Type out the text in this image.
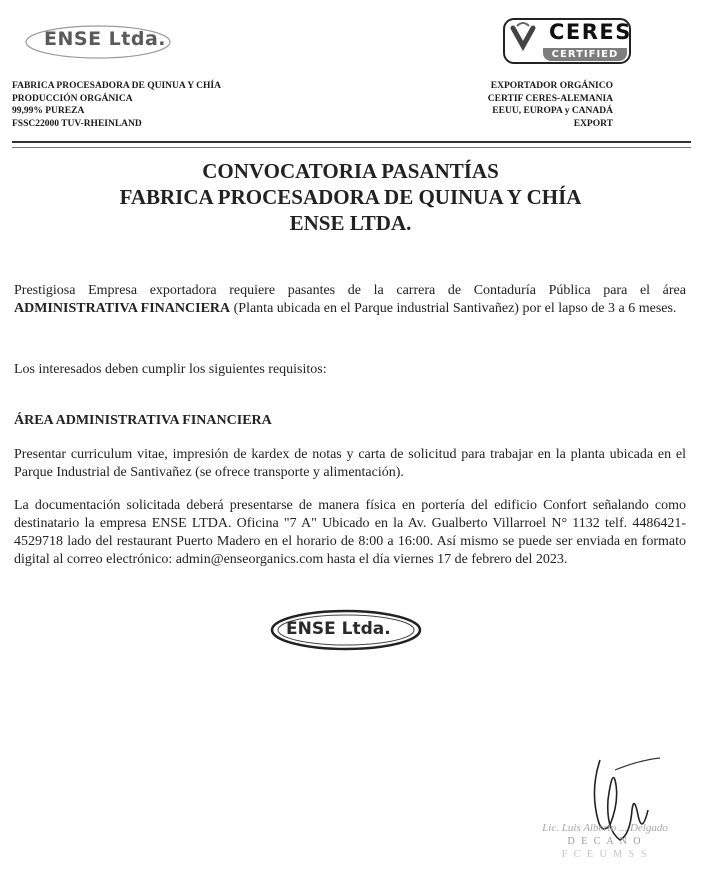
ENSE Ltda.	CERES
CERTIFIED
FABRICA PROCESADORA DE QUINUA Y CHÍA
PRODUCCIÓN ORGÁNICA
99,99% PUREZA
FSSC22000 TUV-RHEINLAND
EXPORTADOR ORGÁNICO
CERTIF CERES-ALEMANIA
EEUU, EUROPA y CANADÁ
EXPORT
CONVOCATORIA PASANTÍAS
FABRICA PROCESADORA DE QUINUA Y CHÍA
ENSE LTDA.

Prestigiosa Empresa exportadora requiere pasantes de la carrera de Contaduría Pública para el área ADMINISTRATIVA FINANCIERA (Planta ubicada en el Parque industrial Santivañez) por el lapso de 3 a 6 meses.

Los interesados deben cumplir los siguientes requisitos:

ÁREA ADMINISTRATIVA FINANCIERA

Presentar curriculum vitae, impresión de kardex de notas y carta de solicitud para trabajar en la planta ubicada en el Parque Industrial de Santivañez (se ofrece transporte y alimentación).

La documentación solicitada deberá presentarse de manera física en portería del edificio Confort señalando como destinatario la empresa ENSE LTDA. Oficina "7 A" Ubicado en la Av. Gualberto Villarroel N° 1132 telf. 4486421- 4529718 lado del restaurant Puerto Madero en el horario de 8:00 a 16:00. Así mismo se puede ser enviada en formato digital al correo electrónico: admin@enseorganics.com hasta el día viernes 17 de febrero del 2023.

ENSE Ltda.
Lic. Luis Alberto ... Delgado
D E C A N O
F C E U M S S
